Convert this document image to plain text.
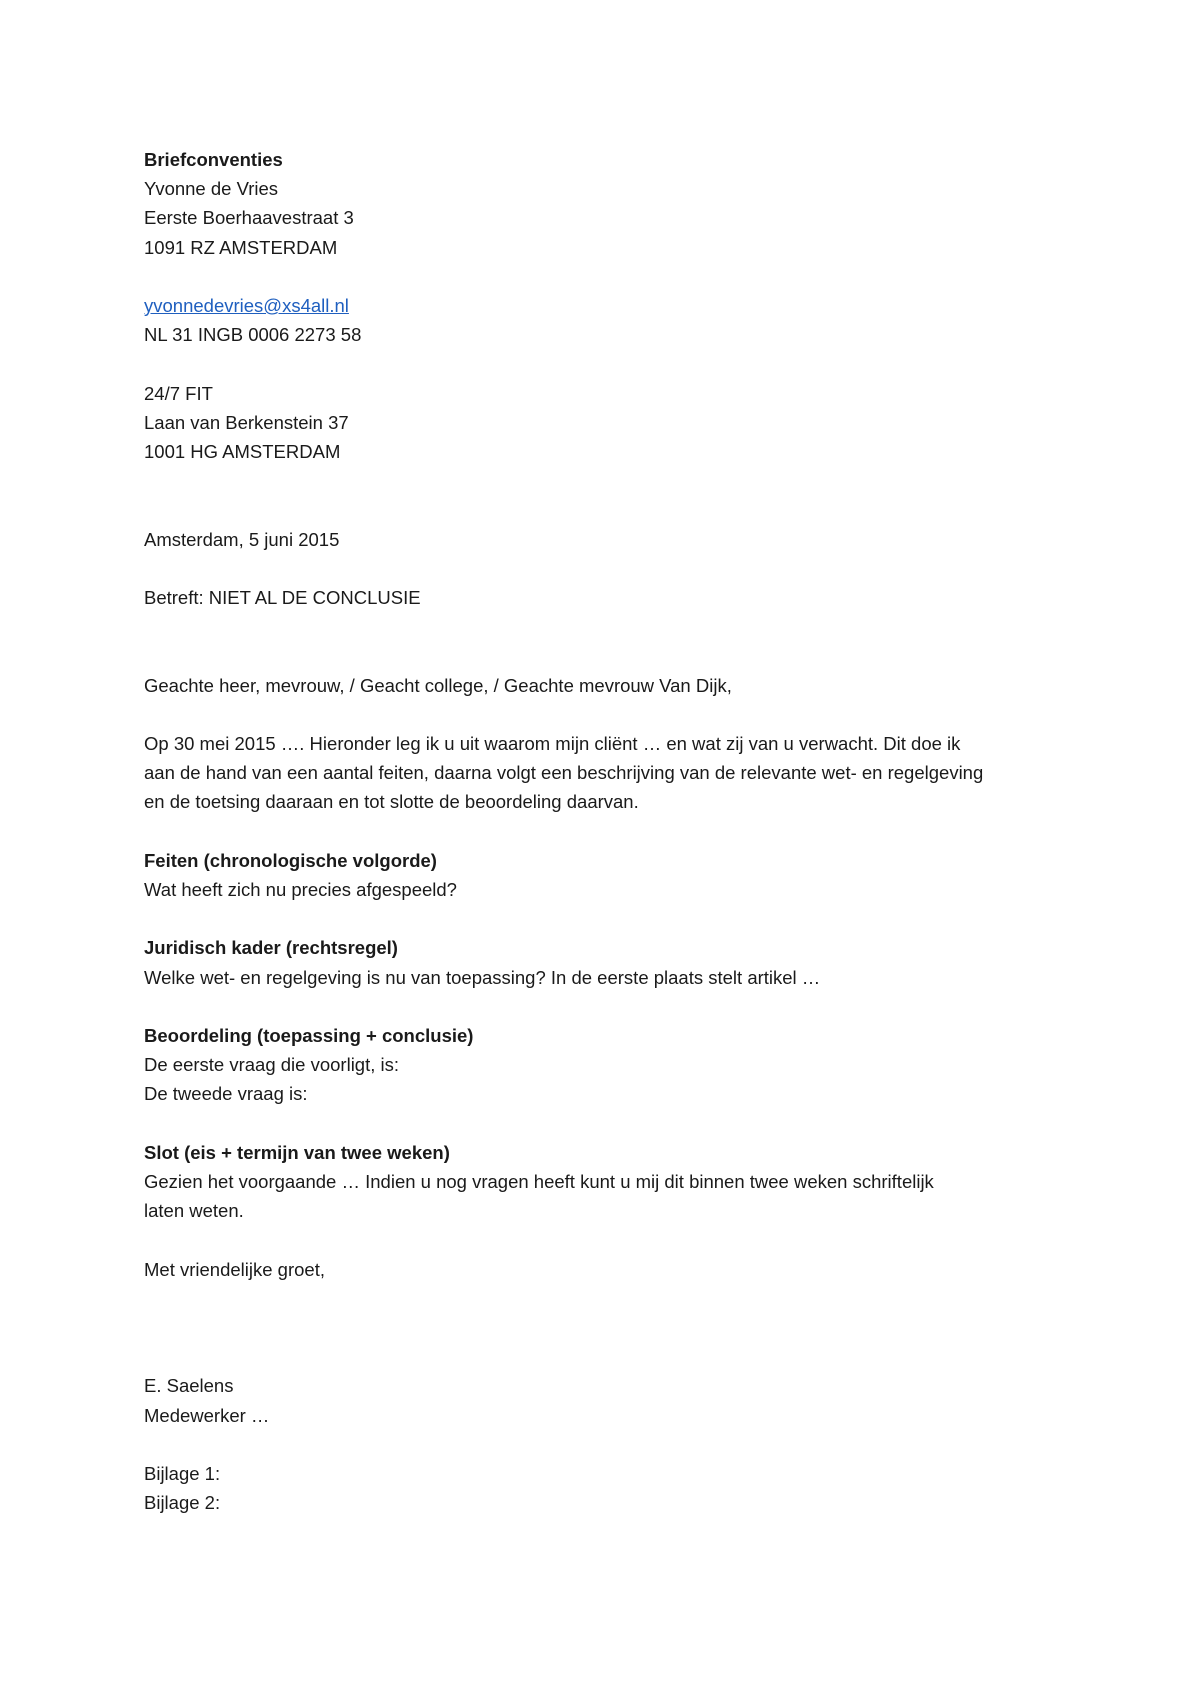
Briefconventies
Yvonne de Vries
Eerste Boerhaavestraat 3
1091 RZ AMSTERDAM
yvonnedevries@xs4all.nl
NL 31 INGB 0006 2273 58
24/7 FIT
Laan van Berkenstein 37
1001 HG AMSTERDAM
Amsterdam, 5 juni 2015
Betreft: NIET AL DE CONCLUSIE
Geachte heer, mevrouw, / Geacht college, / Geachte mevrouw Van Dijk,
Op 30 mei 2015 …. Hieronder leg ik u uit waarom mijn cliënt … en wat zij van u verwacht. Dit doe ik
aan de hand van een aantal feiten, daarna volgt een beschrijving van de relevante wet- en regelgeving
en de toetsing daaraan en tot slotte de beoordeling daarvan.
Feiten (chronologische volgorde)
Wat heeft zich nu precies afgespeeld?
Juridisch kader (rechtsregel)
Welke wet- en regelgeving is nu van toepassing? In de eerste plaats stelt artikel …
Beoordeling (toepassing + conclusie)
De eerste vraag die voorligt, is:
De tweede vraag is:
Slot (eis + termijn van twee weken)
Gezien het voorgaande … Indien u nog vragen heeft kunt u mij dit binnen twee weken schriftelijk
laten weten.
Met vriendelijke groet,
E. Saelens
Medewerker …
Bijlage 1:
Bijlage 2:
